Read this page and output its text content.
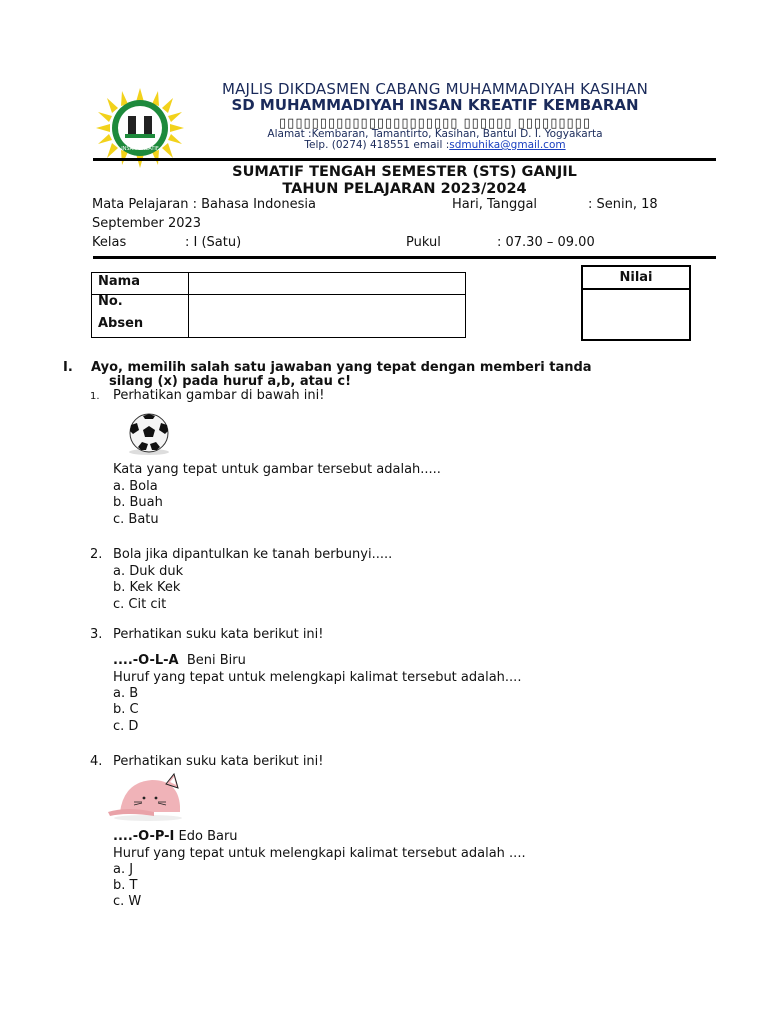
INSAN KREATIF
MAJLIS DIKDASMEN CABANG MUHAMMADIYAH KASIHAN
SD MUHAMMADIYAH INSAN KREATIF KEMBARAN
▯▯▯▯▯▯▯▯▯▯▯▯▯▯▯▯▯▯▯▯▯▯ ▯▯▯▯▯▯ ▯▯▯▯▯▯▯▯▯
Alamat :Kembaran, Tamantirto, Kasihan, Bantul D. I. Yogyakarta
Telp. (0274) 418551 email :sdmuhika@gmail.com
SUMATIF TENGAH SEMESTER (STS) GANJIL
TAHUN PELAJARAN 2023/2024
Mata Pelajaran : Bahasa Indonesia	Hari, Tanggal	: Senin, 18
September 2023
Kelas	: I (Satu)	Pukul	: 07.30 – 09.00
Nama
No.
Absen
Nilai
I. Ayo, memilih salah satu jawaban yang tepat dengan memberi tanda
silang (x) pada huruf a,b, atau c!
1. Perhatikan gambar di bawah ini!
Kata yang tepat untuk gambar tersebut adalah.....
a. Bola
b. Buah
c. Batu
2. Bola jika dipantulkan ke tanah berbunyi.....
a. Duk duk
b. Kek Kek
c. Cit cit
3. Perhatikan suku kata berikut ini!
....-O-L-A Beni Biru
Huruf yang tepat untuk melengkapi kalimat tersebut adalah....
a. B
b. C
c. D
4. Perhatikan suku kata berikut ini!
....-O-P-I Edo Baru
Huruf yang tepat untuk melengkapi kalimat tersebut adalah ....
a. J
b. T
c. W
